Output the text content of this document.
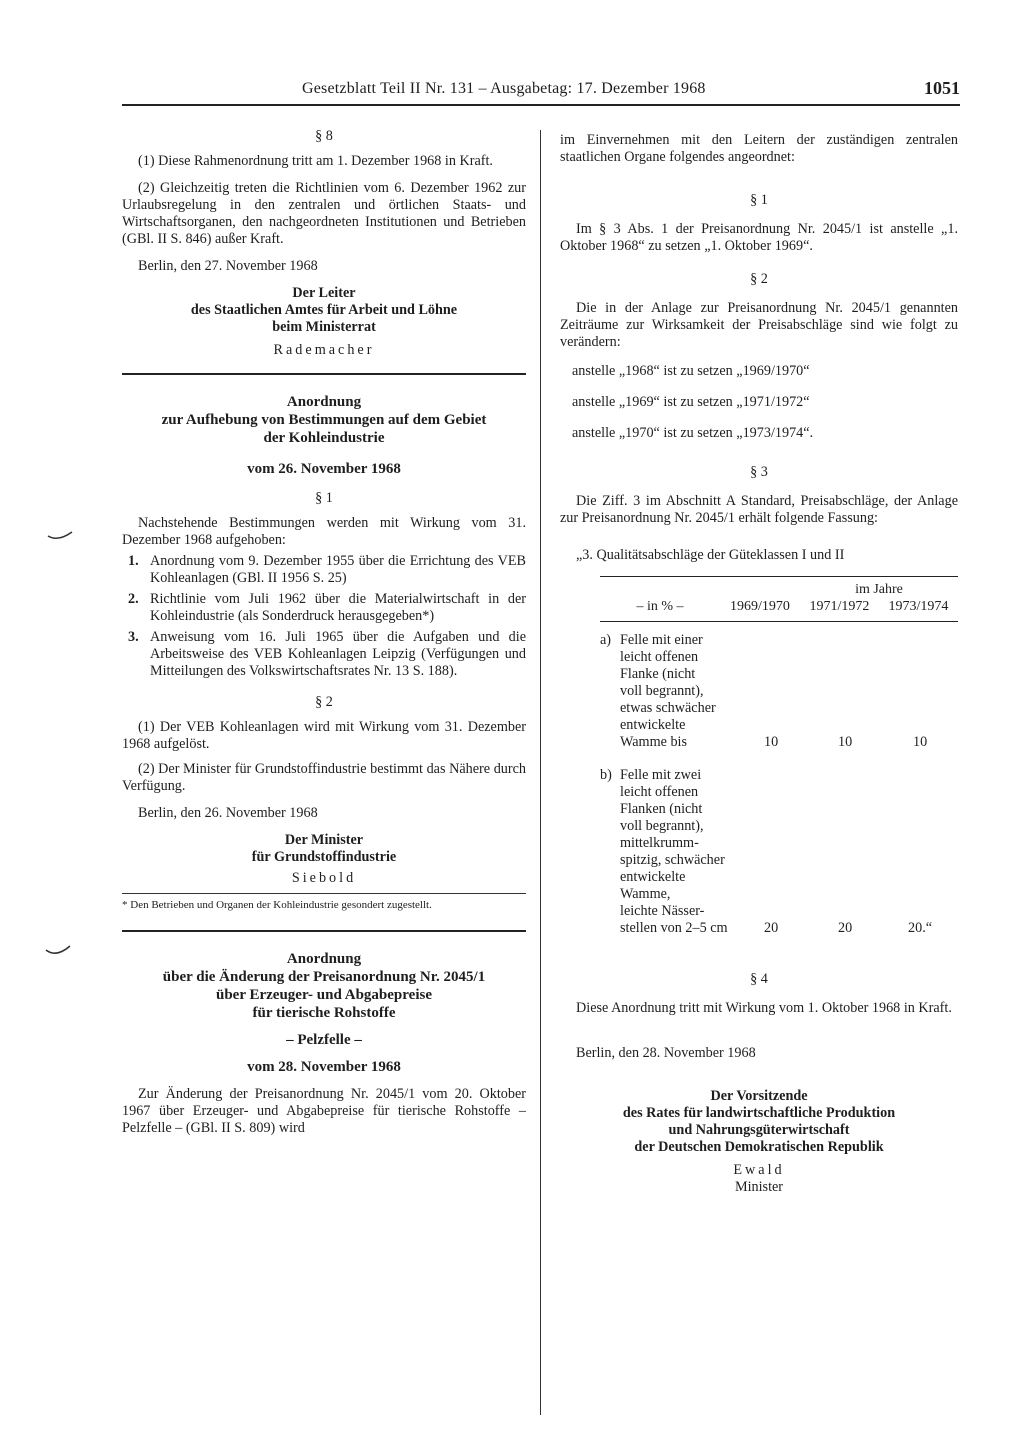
Gesetzblatt Teil II Nr. 131 – Ausgabetag: 17. Dezember 1968	1051

§ 8

(1) Diese Rahmenordnung tritt am 1. Dezember 1968 in Kraft.

(2) Gleichzeitig treten die Richtlinien vom 6. Dezember 1962 zur Urlaubsregelung in den zentralen und örtlichen Staats- und Wirtschaftsorganen, den nachgeordneten Institutionen und Betrieben (GBl. II S. 846) außer Kraft.

Berlin, den 27. November 1968

Der Leiter

des Staatlichen Amtes für Arbeit und Löhne

beim Ministerrat

Rademacher

Anordnung

zur Aufhebung von Bestimmungen auf dem Gebiet

der Kohleindustrie

vom 26. November 1968

§ 1

Nachstehende Bestimmungen werden mit Wirkung vom 31. Dezember 1968 aufgehoben:

1. Anordnung vom 9. Dezember 1955 über die Errichtung des VEB Kohleanlagen (GBl. II 1956 S. 25)
2. Richtlinie vom Juli 1962 über die Materialwirtschaft in der Kohleindustrie (als Sonderdruck herausgegeben*)
3. Anweisung vom 16. Juli 1965 über die Aufgaben und die Arbeitsweise des VEB Kohleanlagen Leipzig (Verfügungen und Mitteilungen des Volkswirtschaftsrates Nr. 13 S. 188).

§ 2

(1) Der VEB Kohleanlagen wird mit Wirkung vom 31. Dezember 1968 aufgelöst.

(2) Der Minister für Grundstoffindustrie bestimmt das Nähere durch Verfügung.

Berlin, den 26. November 1968

Der Minister

für Grundstoffindustrie

Siebold

* Den Betrieben und Organen der Kohleindustrie gesondert zugestellt.

Anordnung

über die Änderung der Preisanordnung Nr. 2045/1

über Erzeuger- und Abgabepreise

für tierische Rohstoffe

– Pelzfelle –

vom 28. November 1968

Zur Änderung der Preisanordnung Nr. 2045/1 vom 20. Oktober 1967 über Erzeuger- und Abgabepreise für tierische Rohstoffe – Pelzfelle – (GBl. II S. 809) wird

im Einvernehmen mit den Leitern der zuständigen zentralen staatlichen Organe folgendes angeordnet:

§ 1

Im § 3 Abs. 1 der Preisanordnung Nr. 2045/1 ist anstelle „1. Oktober 1968“ zu setzen „1. Oktober 1969“.

§ 2

Die in der Anlage zur Preisanordnung Nr. 2045/1 genannten Zeiträume zur Wirksamkeit der Preisabschläge sind wie folgt zu verändern:

anstelle „1968“ ist zu setzen „1969/1970“

anstelle „1969“ ist zu setzen „1971/1972“

anstelle „1970“ ist zu setzen „1973/1974“.

§ 3

Die Ziff. 3 im Abschnitt A Standard, Preisabschläge, der Anlage zur Preisanordnung Nr. 2045/1 erhält folgende Fassung:

„3. Qualitätsabschläge der Güteklassen I und II

		im Jahre	
– in % –	1969/1970	1971/1972	1973/1974
a) Felle mit einer
leicht offenen
Flanke (nicht
voll begrannt),
etwas schwächer
entwickelte
Wamme bis	10	10	10
b) Felle mit zwei
leicht offenen
Flanken (nicht
voll begrannt),
mittelkrumm-
spitzig, schwächer
entwickelte
Wamme,
leichte Nässer-
stellen von 2–5 cm	20	20	20.“

§ 4

Diese Anordnung tritt mit Wirkung vom 1. Oktober 1968 in Kraft.

Berlin, den 28. November 1968

Der Vorsitzende

des Rates für landwirtschaftliche Produktion

und Nahrungsgüterwirtschaft

der Deutschen Demokratischen Republik

Ewald

Minister
